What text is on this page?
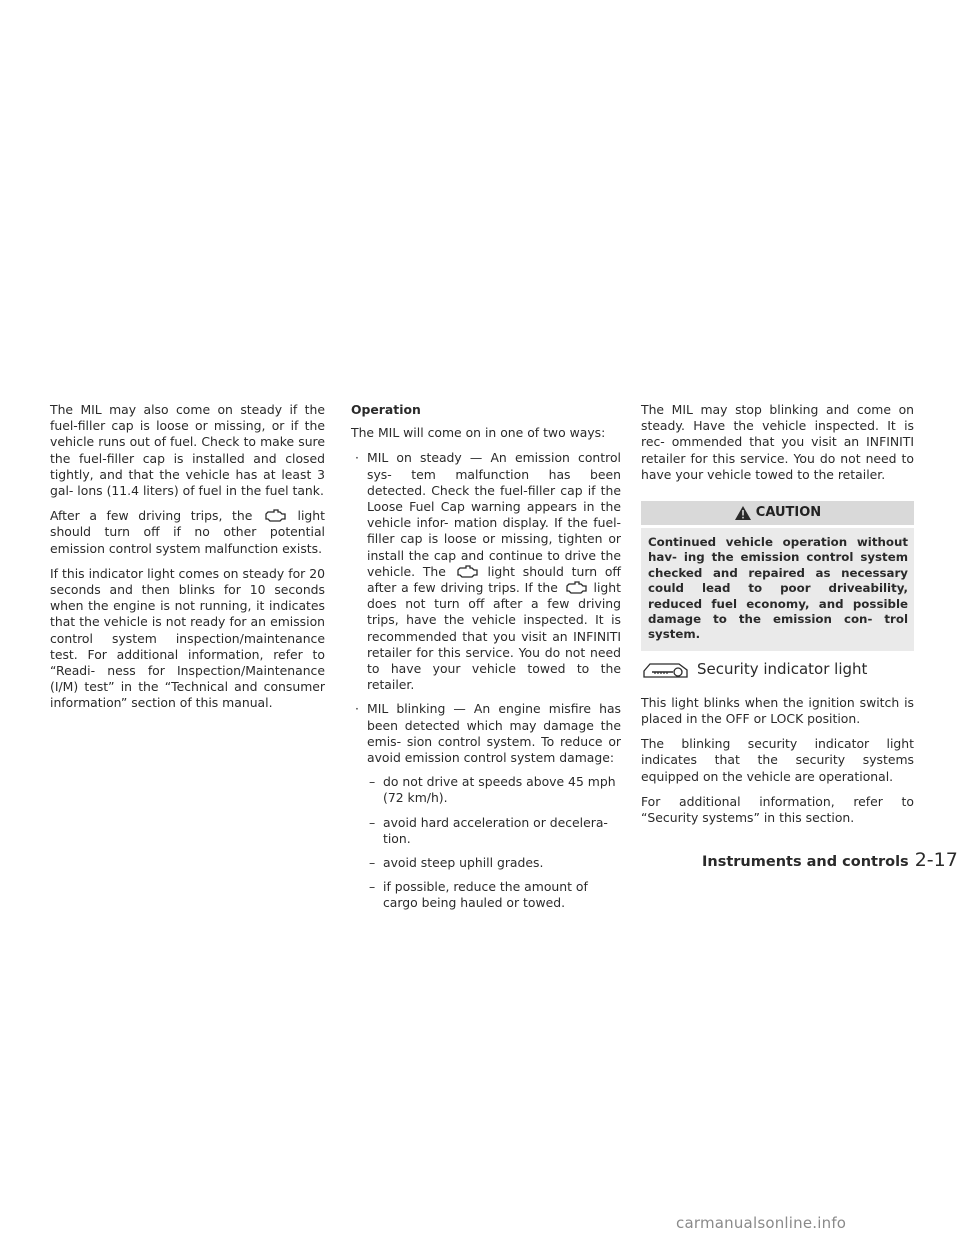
The MIL may also come on steady if the fuel-filler cap is loose or missing, or if the vehicle runs out of fuel. Check to make sure the fuel-filler cap is installed and closed tightly, and that the vehicle has at least 3 gal- lons (11.4 liters) of fuel in the fuel tank.

After a few driving trips, the	light should turn off if no other potential emission control system malfunction exists.

If this indicator light comes on steady for 20 seconds and then blinks for 10 seconds when the engine is not running, it indicates that the vehicle is not ready for an emission control system inspection/maintenance test. For additional information, refer to “Readi- ness for Inspection/Maintenance (I/M) test” in the “Technical and consumer information” section of this manual.

Operation

The MIL will come on in one of two ways:

· MIL on steady — An emission control sys- tem malfunction has been detected. Check the fuel-filler cap if the Loose Fuel Cap warning appears in the vehicle infor- mation display. If the fuel-filler cap is loose or missing, tighten or install the cap and continue to drive the vehicle. The	light should turn off after a few driving trips. If the	light does not turn off after a few driving trips, have the vehicle inspected. It is recommended that you visit an INFINITI retailer for this service. You do not need to have your vehicle towed to the retailer.
· MIL blinking — An engine misfire has been detected which may damage the emis- sion control system. To reduce or avoid emission control system damage:
– do not drive at speeds above 45 mph (72 km/h).
– avoid hard acceleration or decelera- tion.
– avoid steep uphill grades.
– if possible, reduce the amount of cargo being hauled or towed.

The MIL may stop blinking and come on steady. Have the vehicle inspected. It is rec- ommended that you visit an INFINITI retailer for this service. You do not need to have your vehicle towed to the retailer.

CAUTION
Continued vehicle operation without hav- ing the emission control system checked and repaired as necessary could lead to poor driveability, reduced fuel economy, and possible damage to the emission con- trol system.
Security indicator light

This light blinks when the ignition switch is placed in the OFF or LOCK position.

The blinking security indicator light indicates that the security systems equipped on the vehicle are operational.

For additional information, refer to “Security systems” in this section.

Instruments and controls 2-17
carmanualsonline.info
